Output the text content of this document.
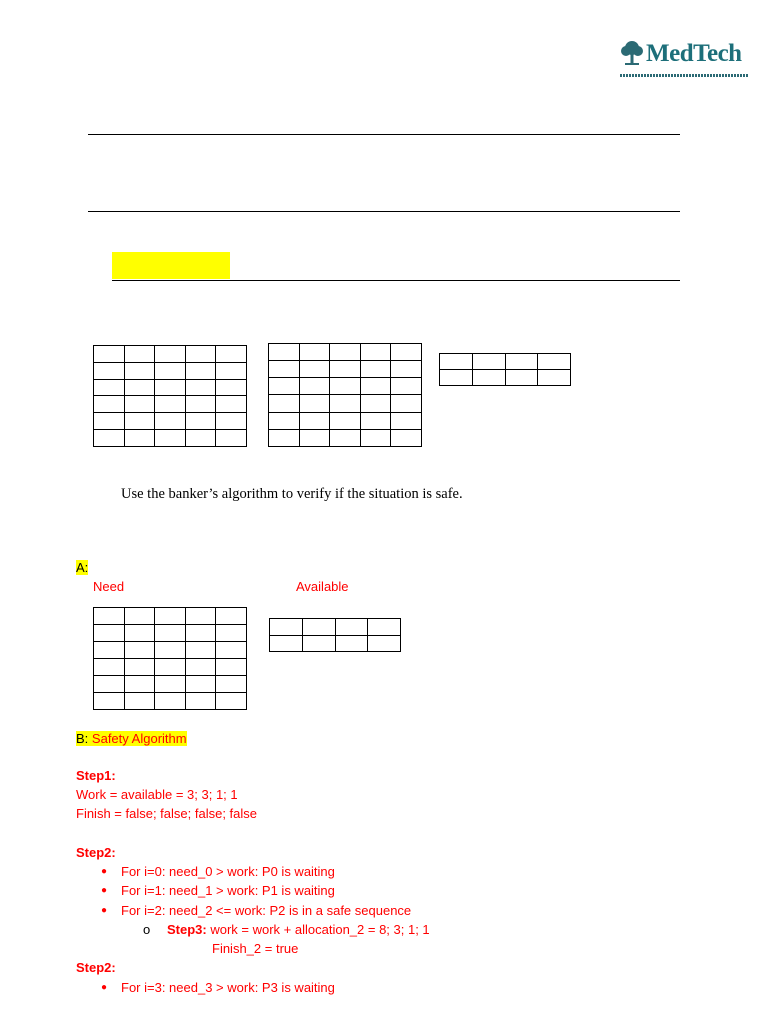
MedTech

Use the banker’s algorithm to verify if the situation is safe.
A:
Need	Available

B: Safety Algorithm
Step1:
Work = available = 3; 3; 1; 1
Finish = false; false; false; false
Step2:
● For i=0: need_0 > work: P0 is waiting
● For i=1: need_1 > work: P1 is waiting
● For i=2: need_2 <= work: P2 is in a safe sequence
o Step3: work = work + allocation_2 = 8; 3; 1; 1
Finish_2 = true
Step2:
● For i=3: need_3 > work: P3 is waiting
